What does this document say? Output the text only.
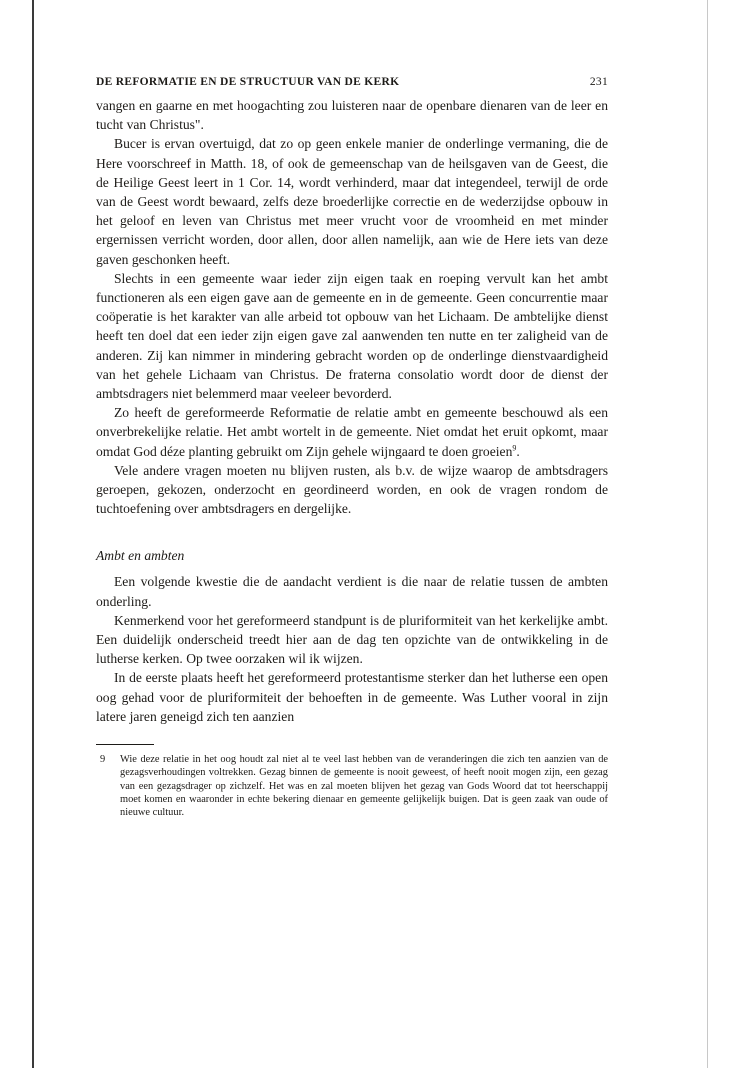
DE REFORMATIE EN DE STRUCTUUR VAN DE KERK	231

vangen en gaarne en met hoogachting zou luisteren naar de openbare dienaren van de leer en tucht van Christus".

Bucer is ervan overtuigd, dat zo op geen enkele manier de onderlinge vermaning, die de Here voorschreef in Matth. 18, of ook de gemeenschap van de heilsgaven van de Geest, die de Heilige Geest leert in 1 Cor. 14, wordt verhinderd, maar dat integendeel, terwijl de orde van de Geest wordt bewaard, zelfs deze broederlijke correctie en de wederzijdse opbouw in het geloof en leven van Christus met meer vrucht voor de vroomheid en met minder ergernissen verricht worden, door allen, door allen namelijk, aan wie de Here iets van deze gaven geschonken heeft.

Slechts in een gemeente waar ieder zijn eigen taak en roeping vervult kan het ambt functioneren als een eigen gave aan de gemeente en in de gemeente. Geen concurrentie maar coöperatie is het karakter van alle arbeid tot opbouw van het Lichaam. De ambtelijke dienst heeft ten doel dat een ieder zijn eigen gave zal aanwenden ten nutte en ter zaligheid van de anderen. Zij kan nimmer in mindering gebracht worden op de onderlinge dienstvaardigheid van het gehele Lichaam van Christus. De fraterna consolatio wordt door de dienst der ambtsdragers niet belemmerd maar veeleer bevorderd.

Zo heeft de gereformeerde Reformatie de relatie ambt en gemeente beschouwd als een onverbrekelijke relatie. Het ambt wortelt in de gemeente. Niet omdat het eruit opkomt, maar omdat God déze planting gebruikt om Zijn gehele wijngaard te doen groeien$^9$.

Vele andere vragen moeten nu blijven rusten, als b.v. de wijze waarop de ambtsdragers geroepen, gekozen, onderzocht en geordineerd worden, en ook de vragen rondom de tuchtoefening over ambtsdragers en dergelijke.

Ambt en ambten

Een volgende kwestie die de aandacht verdient is die naar de relatie tussen de ambten onderling.

Kenmerkend voor het gereformeerd standpunt is de pluriformiteit van het kerkelijke ambt. Een duidelijk onderscheid treedt hier aan de dag ten opzichte van de ontwikkeling in de lutherse kerken. Op twee oorzaken wil ik wijzen.

In de eerste plaats heeft het gereformeerd protestantisme sterker dan het lutherse een open oog gehad voor de pluriformiteit der behoeften in de gemeente. Was Luther vooral in zijn latere jaren geneigd zich ten aanzien

9	Wie deze relatie in het oog houdt zal niet al te veel last hebben van de veranderingen die zich ten aanzien van de gezagsverhoudingen voltrekken. Gezag binnen de gemeente is nooit geweest, of heeft nooit mogen zijn, een gezag van een gezagsdrager op zichzelf. Het was en zal moeten blijven het gezag van Gods Woord dat tot heerschappij moet komen en waaronder in echte bekering dienaar en gemeente gelijkelijk buigen. Dat is geen zaak van oude of nieuwe cultuur.
